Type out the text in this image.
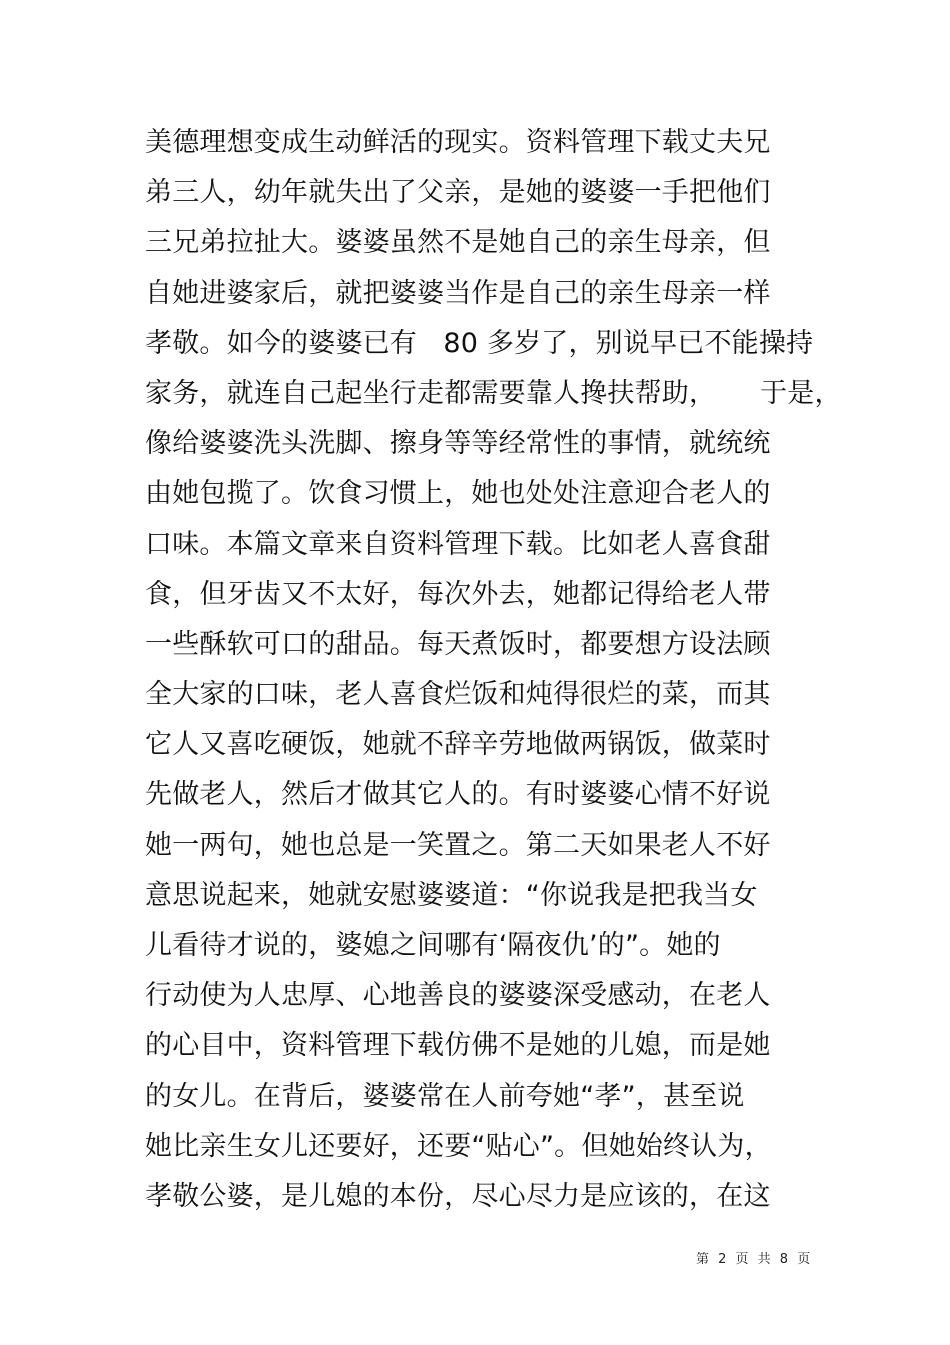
美德理想变成生动鲜活的现实。资料管理下载丈夫兄
弟三人，幼年就失出了父亲，是她的婆婆一手把他们
三兄弟拉扯大。婆婆虽然不是她自己的亲生母亲，但
自她进婆家后，就把婆婆当作是自己的亲生母亲一样
孝敬。如今的婆婆已有   80 多岁了，别说早已不能操持
家务，就连自己起坐行走都需要靠人搀扶帮助，     于是，
像给婆婆洗头洗脚、擦身等等经常性的事情，就统统
由她包揽了。饮食习惯上，她也处处注意迎合老人的
口味。本篇文章来自资料管理下载。比如老人喜食甜
食，但牙齿又不太好，每次外去，她都记得给老人带
一些酥软可口的甜品。每天煮饭时，都要想方设法顾
全大家的口味，老人喜食烂饭和炖得很烂的菜，而其
它人又喜吃硬饭，她就不辞辛劳地做两锅饭，做菜时
先做老人，然后才做其它人的。有时婆婆心情不好说
她一两句，她也总是一笑置之。第二天如果老人不好
意思说起来，她就安慰婆婆道：“你说我是把我当女
儿看待才说的，婆媳之间哪有‘隔夜仇’的”。她的
行动使为人忠厚、心地善良的婆婆深受感动，在老人
的心目中，资料管理下载仿佛不是她的儿媳，而是她
的女儿。在背后，婆婆常在人前夸她“孝”，甚至说
她比亲生女儿还要好，还要“贴心”。但她始终认为，
孝敬公婆，是儿媳的本份，尽心尽力是应该的，在这
第 2 页 共 8 页
